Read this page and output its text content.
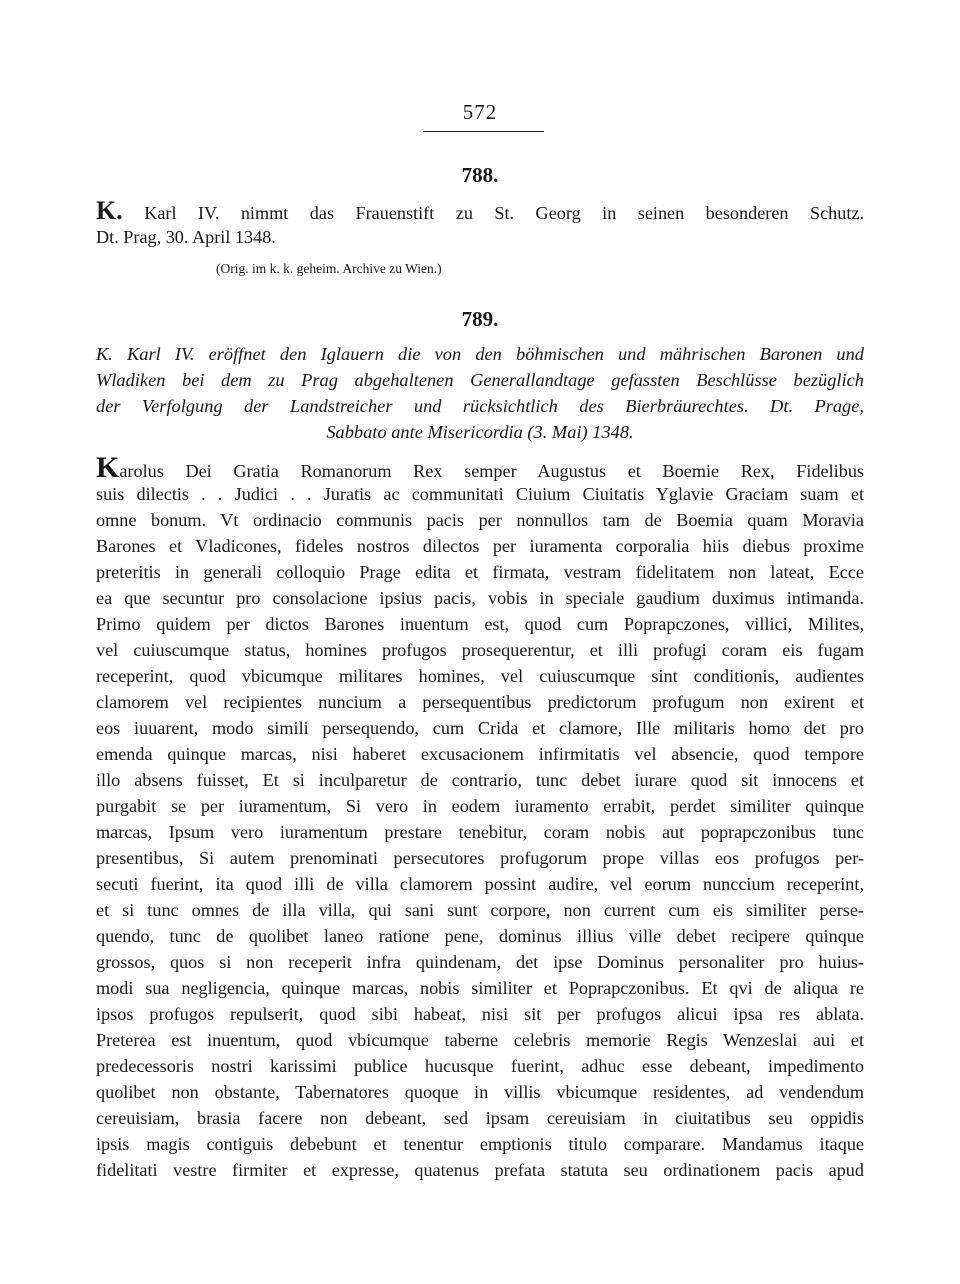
572
788.
K. Karl IV. nimmt das Frauenstift zu St. Georg in seinen besonderen Schutz.
Dt. Prag, 30. April 1348.
(Orig. im k. k. geheim. Archive zu Wien.)
789.
K. Karl IV. eröffnet den Iglauern die von den böhmischen und mährischen Baronen und
Wladiken bei dem zu Prag abgehaltenen Generallandtage gefassten Beschlüsse bezüglich
der Verfolgung der Landstreicher und rücksichtlich des Bierbräurechtes. Dt. Prage,
Sabbato ante Misericordia (3. Mai) 1348.
Karolus Dei Gratia Romanorum Rex semper Augustus et Boemie Rex, Fidelibus
suis dilectis . . Judici . . Juratis ac communitati Ciuium Ciuitatis Yglavie Graciam suam et
omne bonum. Vt ordinacio communis pacis per nonnullos tam de Boemia quam Moravia
Barones et Vladicones, fideles nostros dilectos per iuramenta corporalia hiis diebus proxime
preteritis in generali colloquio Prage edita et firmata, vestram fidelitatem non lateat, Ecce
ea que secuntur pro consolacione ipsius pacis, vobis in speciale gaudium duximus intimanda.
Primo quidem per dictos Barones inuentum est, quod cum Poprapczones, villici, Milites,
vel cuiuscumque status, homines profugos prosequerentur, et illi profugi coram eis fugam
receperint, quod vbicumque militares homines, vel cuiuscumque sint conditionis, audientes
clamorem vel recipientes nuncium a persequentibus predictorum profugum non exirent et
eos iuuarent, modo simili persequendo, cum Crida et clamore, Ille militaris homo det pro
emenda quinque marcas, nisi haberet excusacionem infirmitatis vel absencie, quod tempore
illo absens fuisset, Et si inculparetur de contrario, tunc debet iurare quod sit innocens et
purgabit se per iuramentum, Si vero in eodem iuramento errabit, perdet similiter quinque
marcas, Ipsum vero iuramentum prestare tenebitur, coram nobis aut poprapczonibus tunc
presentibus, Si autem prenominati persecutores profugorum prope villas eos profugos per-
secuti fuerint, ita quod illi de villa clamorem possint audire, vel eorum nunccium receperint,
et si tunc omnes de illa villa, qui sani sunt corpore, non current cum eis similiter perse-
quendo, tunc de quolibet laneo ratione pene, dominus illius ville debet recipere quinque
grossos, quos si non receperit infra quindenam, det ipse Dominus personaliter pro huius-
modi sua negligencia, quinque marcas, nobis similiter et Poprapczonibus. Et qvi de aliqua re
ipsos profugos repulserit, quod sibi habeat, nisi sit per profugos alicui ipsa res ablata.
Preterea est inuentum, quod vbicumque taberne celebris memorie Regis Wenzeslai aui et
predecessoris nostri karissimi publice hucusque fuerint, adhuc esse debeant, impedimento
quolibet non obstante, Tabernatores quoque in villis vbicumque residentes, ad vendendum
cereuisiam, brasia facere non debeant, sed ipsam cereuisiam in ciuitatibus seu oppidis
ipsis magis contiguis debebunt et tenentur emptionis titulo comparare. Mandamus itaque
fidelitati vestre firmiter et expresse, quatenus prefata statuta seu ordinationem pacis apud
